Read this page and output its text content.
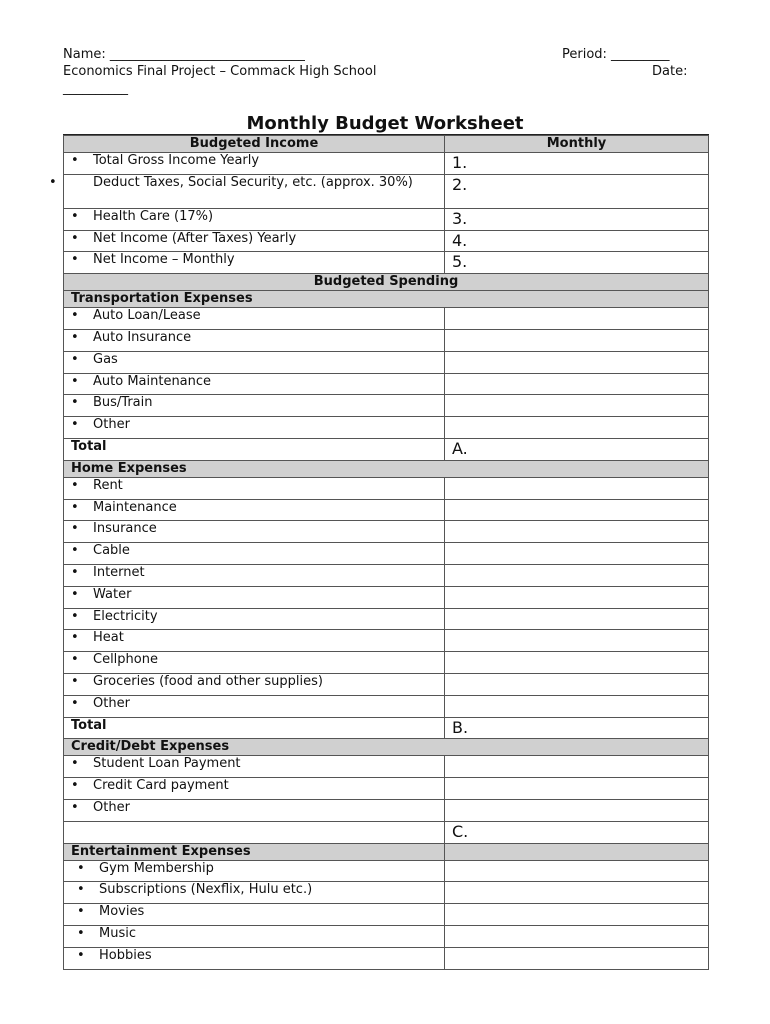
Name: ______________________________	Period: _________
Economics Final Project – Commack High School	Date:
__________
Monthly Budget Worksheet
Budgeted Income	Monthly
• Total Gross Income Yearly	1.

• Deduct Taxes, Social Security, etc. (approx. 30%)	2.
• Health Care (17%)	3.
• Net Income (After Taxes) Yearly	4.
• Net Income – Monthly	5.
Budgeted Spending	
Transportation Expenses	
• Auto Loan/Lease	
• Auto Insurance	
• Gas	
• Auto Maintenance	
• Bus/Train	
• Other	
Total	A.
Home Expenses	
• Rent	
• Maintenance	
• Insurance	
• Cable	
• Internet	
• Water	
• Electricity	
• Heat	
• Cellphone	
• Groceries (food and other supplies)	
• Other	
Total	B.
Credit/Debt Expenses	
• Student Loan Payment	
• Credit Card payment	
• Other	
	C.
Entertainment Expenses	
• Gym Membership	
• Subscriptions (Nexflix, Hulu etc.)	
• Movies	
• Music	
• Hobbies	
